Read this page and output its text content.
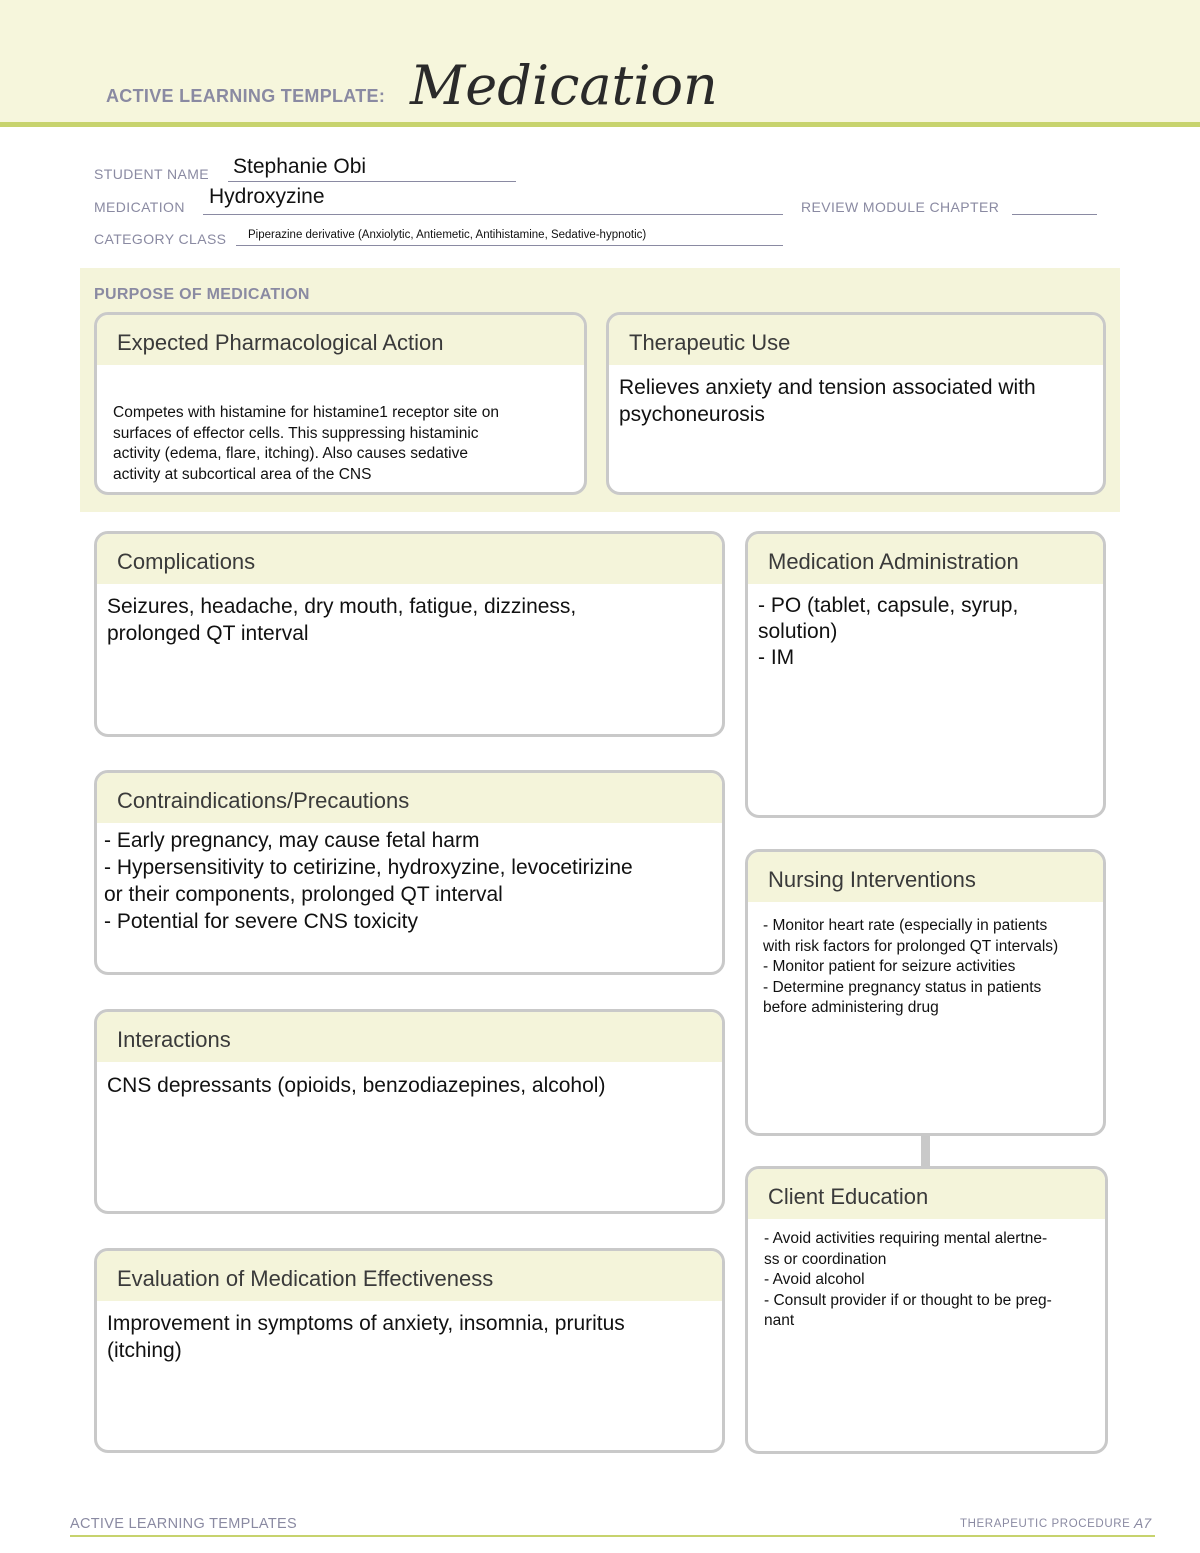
ACTIVE LEARNING TEMPLATE: Medication
STUDENT NAME Stephanie Obi
MEDICATION Hydroxyzine	REVIEW MODULE CHAPTER
CATEGORY CLASS Piperazine derivative (Anxiolytic, Antiemetic, Antihistamine, Sedative-hypnotic)
PURPOSE OF MEDICATION
Expected Pharmacological Action
Competes with histamine for histamine1 receptor site on
surfaces of effector cells. This suppressing histaminic
activity (edema, flare, itching). Also causes sedative
activity at subcortical area of the CNS
Therapeutic Use
Relieves anxiety and tension associated with
psychoneurosis
Complications
Seizures, headache, dry mouth, fatigue, dizziness,
prolonged QT interval
Contraindications/Precautions
- Early pregnancy, may cause fetal harm
- Hypersensitivity to cetirizine, hydroxyzine, levocetirizine
or their components, prolonged QT interval
- Potential for severe CNS toxicity
Interactions
CNS depressants (opioids, benzodiazepines, alcohol)
Evaluation of Medication Effectiveness
Improvement in symptoms of anxiety, insomnia, pruritus
(itching)
Medication Administration
- PO (tablet, capsule, syrup,
solution)
- IM
Nursing Interventions
- Monitor heart rate (especially in patients
with risk factors for prolonged QT intervals)
- Monitor patient for seizure activities
- Determine pregnancy status in patients
before administering drug
Client Education
- Avoid activities requiring mental alertne-
ss or coordination
- Avoid alcohol
- Consult provider if or thought to be preg-
nant
ACTIVE LEARNING TEMPLATES	THERAPEUTIC PROCEDURE A7
